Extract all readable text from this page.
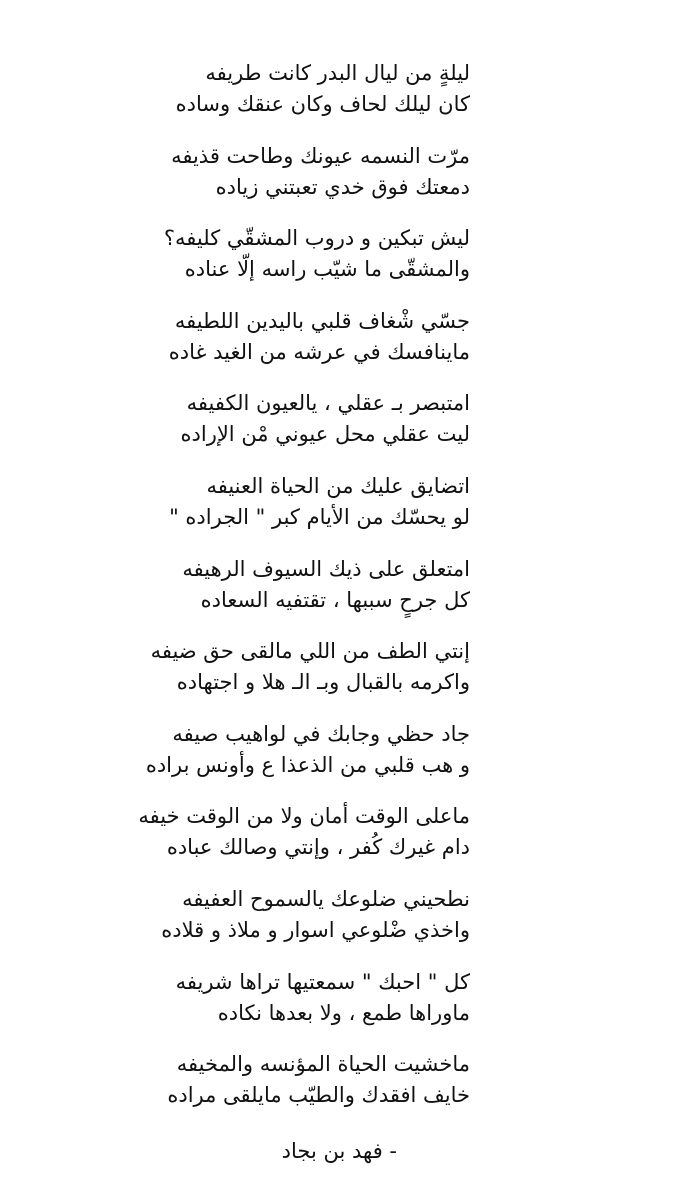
ليلةٍ من ليال البدر كانت طريفه
كان ليلك لحاف وكان عنقك وساده
مرّت النسمه عيونك وطاحت قذيفه
دمعتك فوق خدي تعبتني زياده
ليش تبكين و دروب المشقّي كليفه؟
والمشقّى ما شيّب راسه إلّا عناده
جسّي شْغاف قلبي باليدين اللطيفه
ماينافسك في عرشه من الغيد غاده
امتبصر بـ عقلي ، يالعيون الكفيفه
ليت عقلي محل عيوني مْن الإراده
اتضايق عليك من الحياة العنيفه
لو يحسّك من الأيام كبر " الجراده "
امتعلق على ذيك السيوف الرهيفه
كل جرحٍ سببها ، تقتفيه السعاده
إنتي الطف من اللي مالقى حق ضيفه
واكرمه بالقبال وبـ الـ هلا و اجتهاده
جاد حظي وجابك في لواهيب صيفه
و هب قلبي من الذعذا ع وأونس براده
ماعلى الوقت أمان ولا من الوقت خيفه
دام غيرك كُفر ، وإنتي وصالك عباده
نطحيني ضلوعك يالسموح العفيفه
واخذي ضْلوعي اسوار و ملاذ و قلاده
كل " احبك " سمعتيها تراها شريفه
ماوراها طمع ، ولا بعدها نكاده
ماخشيت الحياة المؤنسه والمخيفه
خايف افقدك والطيّب مايلقى مراده
- فهد بن بجاد
